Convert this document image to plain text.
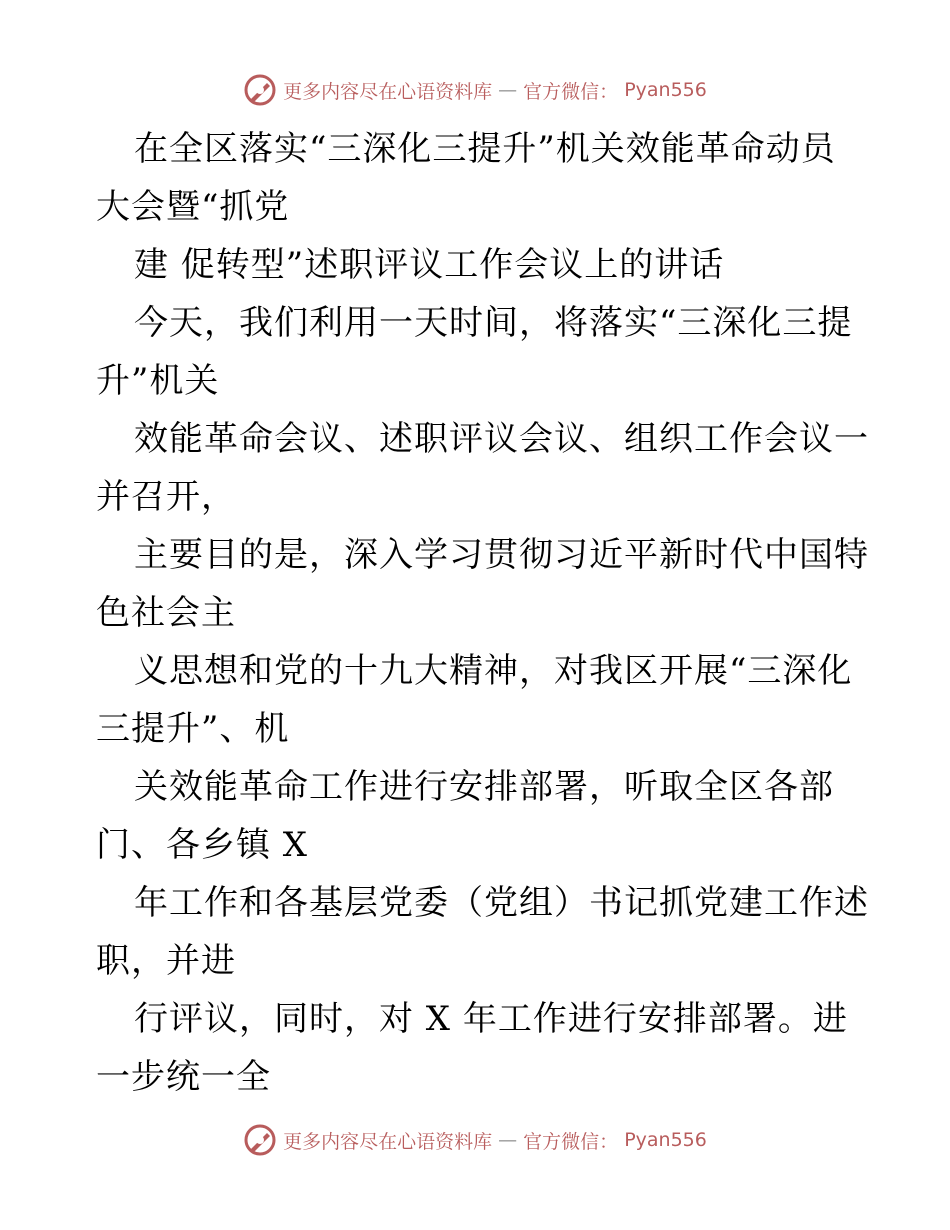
更多内容尽在心语资料库 — 官方微信： Pyan556
在全区落实“三深化三提升”机关效能革命动员
大会暨“抓党
建 促转型”述职评议工作会议上的讲话
今天，我们利用一天时间，将落实“三深化三提
升”机关
效能革命会议、述职评议会议、组织工作会议一
并召开，
主要目的是，深入学习贯彻习近平新时代中国特
色社会主
义思想和党的十九大精神，对我区开展“三深化
三提升”、机
关效能革命工作进行安排部署，听取全区各部
门、各乡镇 X
年工作和各基层党委（党组）书记抓党建工作述
职，并进
行评议，同时，对 X 年工作进行安排部署。进
一步统一全
更多内容尽在心语资料库 — 官方微信： Pyan556
